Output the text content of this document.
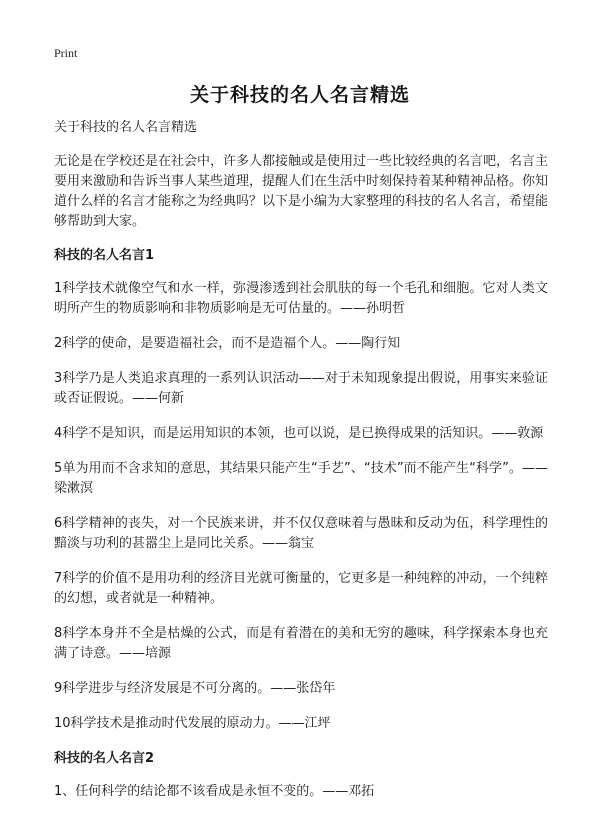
Print
关于科技的名人名言精选

关于科技的名人名言精选

无论是在学校还是在社会中，许多人都接触或是使用过一些比较经典的名言吧，名言主要用来激励和告诉当事人某些道理，提醒人们在生活中时刻保持着某种精神品格。你知道什么样的名言才能称之为经典吗？以下是小编为大家整理的科技的名人名言，希望能够帮助到大家。

科技的名人名言1

1科学技术就像空气和水一样，弥漫渗透到社会肌肤的每一个毛孔和细胞。它对人类文明所产生的物质影响和非物质影响是无可估量的。——孙明哲

2科学的使命，是要造福社会，而不是造福个人。——陶行知

3科学乃是人类追求真理的一系列认识活动——对于未知现象提出假说，用事实来验证或否证假说。——何新

4科学不是知识，而是运用知识的本领，也可以说，是已换得成果的活知识。——敦源

5单为用而不含求知的意思，其结果只能产生“手艺”、“技术”而不能产生“科学”。——梁漱溟

6科学精神的丧失，对一个民族来讲，并不仅仅意味着与愚昧和反动为伍，科学理性的黯淡与功利的甚嚣尘上是同比关系。——翁宝

7科学的价值不是用功利的经济目光就可衡量的，它更多是一种纯粹的冲动，一个纯粹的幻想，或者就是一种精神。

8科学本身并不全是枯燥的公式，而是有着潜在的美和无穷的趣味，科学探索本身也充满了诗意。——培源

9科学进步与经济发展是不可分离的。——张岱年

10科学技术是推动时代发展的原动力。——江坪

科技的名人名言2

1、任何科学的结论都不该看成是永恒不变的。——邓拓
